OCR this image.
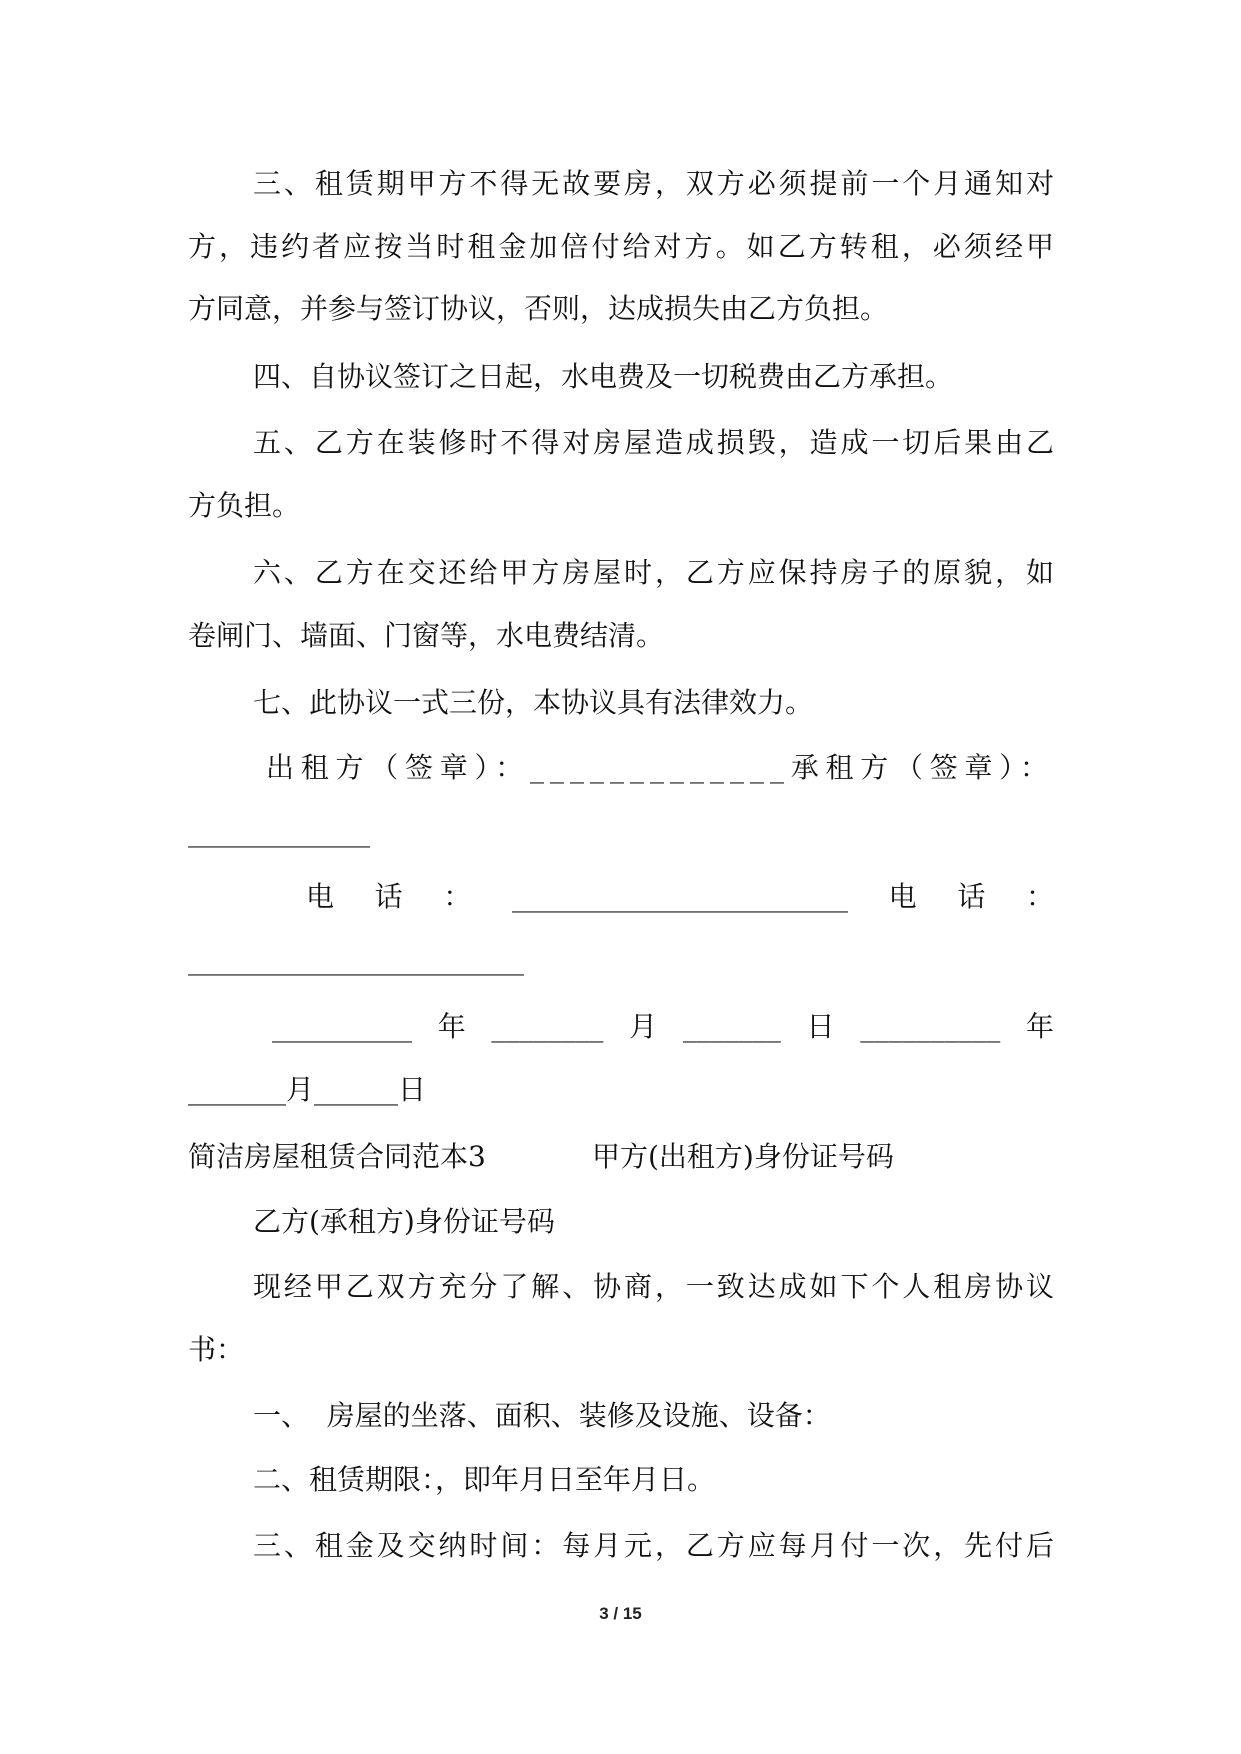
三、租赁期甲方不得无故要房，双方必须提前一个月通知对
方，违约者应按当时租金加倍付给对方。如乙方转租，必须经甲
方同意，并参与签订协议，否则，达成损失由乙方负担。
四、自协议签订之日起，水电费及一切税费由乙方承担。
五、乙方在装修时不得对房屋造成损毁，造成一切后果由乙
方负担。
六、乙方在交还给甲方房屋时，乙方应保持房子的原貌，如
卷闸门、墙面、门窗等，水电费结清。
七、此协议一式三份，本协议具有法律效力。
出租方（签章）：_____________承租方（签章）：
_____________
电话：________________________电话：
________________________
__________年________月_______日__________年
_______月______日
简洁房屋租赁合同范本3	甲方(出租方)身份证号码
乙方(承租方)身份证号码
现经甲乙双方充分了解、协商，一致达成如下个人租房协议
书：
一、  房屋的坐落、面积、装修及设施、设备：
二、租赁期限：，即年月日至年月日。
三、租金及交纳时间：每月元，乙方应每月付一次，先付后
3 / 15
